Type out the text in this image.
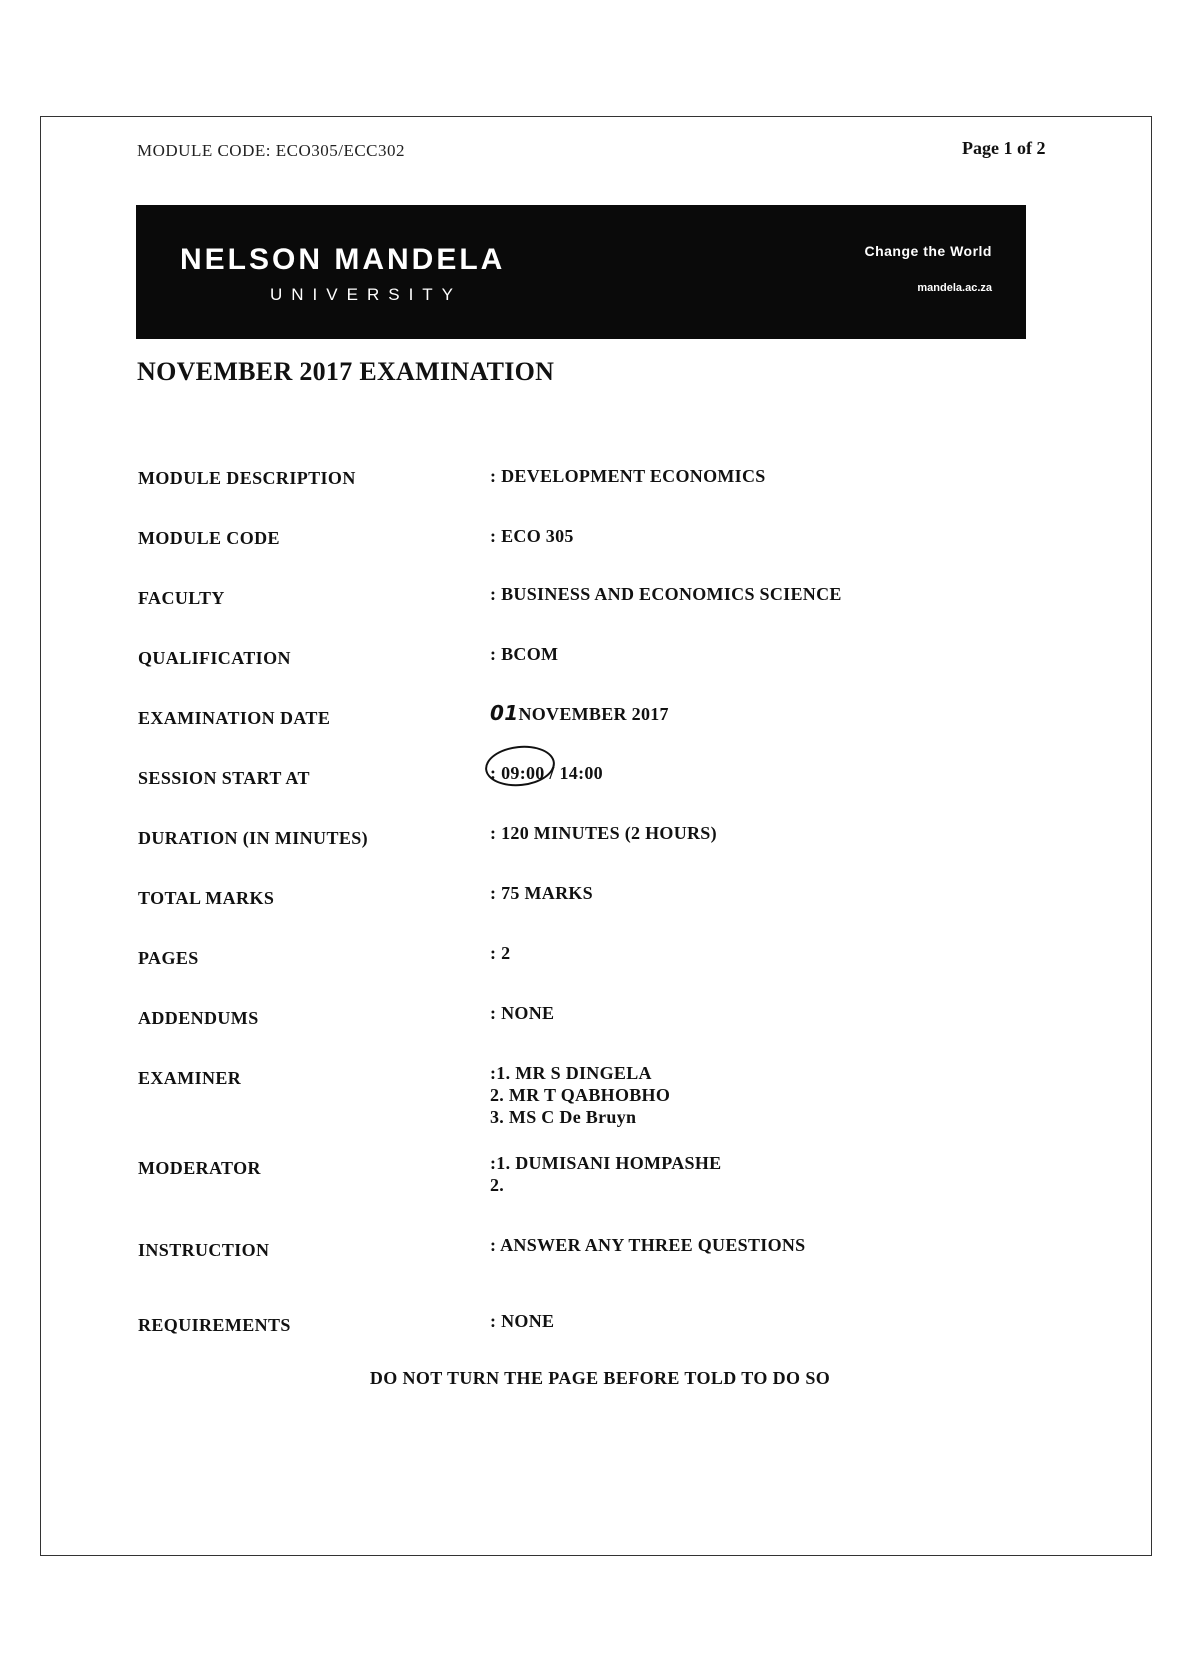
MODULE CODE: ECO305/ECC302	Page 1 of 2
NELSON MANDELA
UNIVERSITY
Change the World
mandela.ac.za
NOVEMBER 2017 EXAMINATION
MODULE DESCRIPTION	: DEVELOPMENT ECONOMICS
MODULE CODE	: ECO 305
FACULTY	: BUSINESS AND ECONOMICS SCIENCE
QUALIFICATION	: BCOM
EXAMINATION DATE	01NOVEMBER 2017
SESSION START AT	: 09:00 / 14:00
DURATION (IN MINUTES)	: 120 MINUTES (2 HOURS)
TOTAL MARKS	: 75 MARKS
PAGES	: 2
ADDENDUMS	: NONE
EXAMINER	:1. MR S DINGELA
2. MR T QABHOBHO
3. MS C De Bruyn
MODERATOR	:1. DUMISANI HOMPASHE
2.
INSTRUCTION	: ANSWER ANY THREE QUESTIONS
REQUIREMENTS	: NONE
DO NOT TURN THE PAGE BEFORE TOLD TO DO SO
